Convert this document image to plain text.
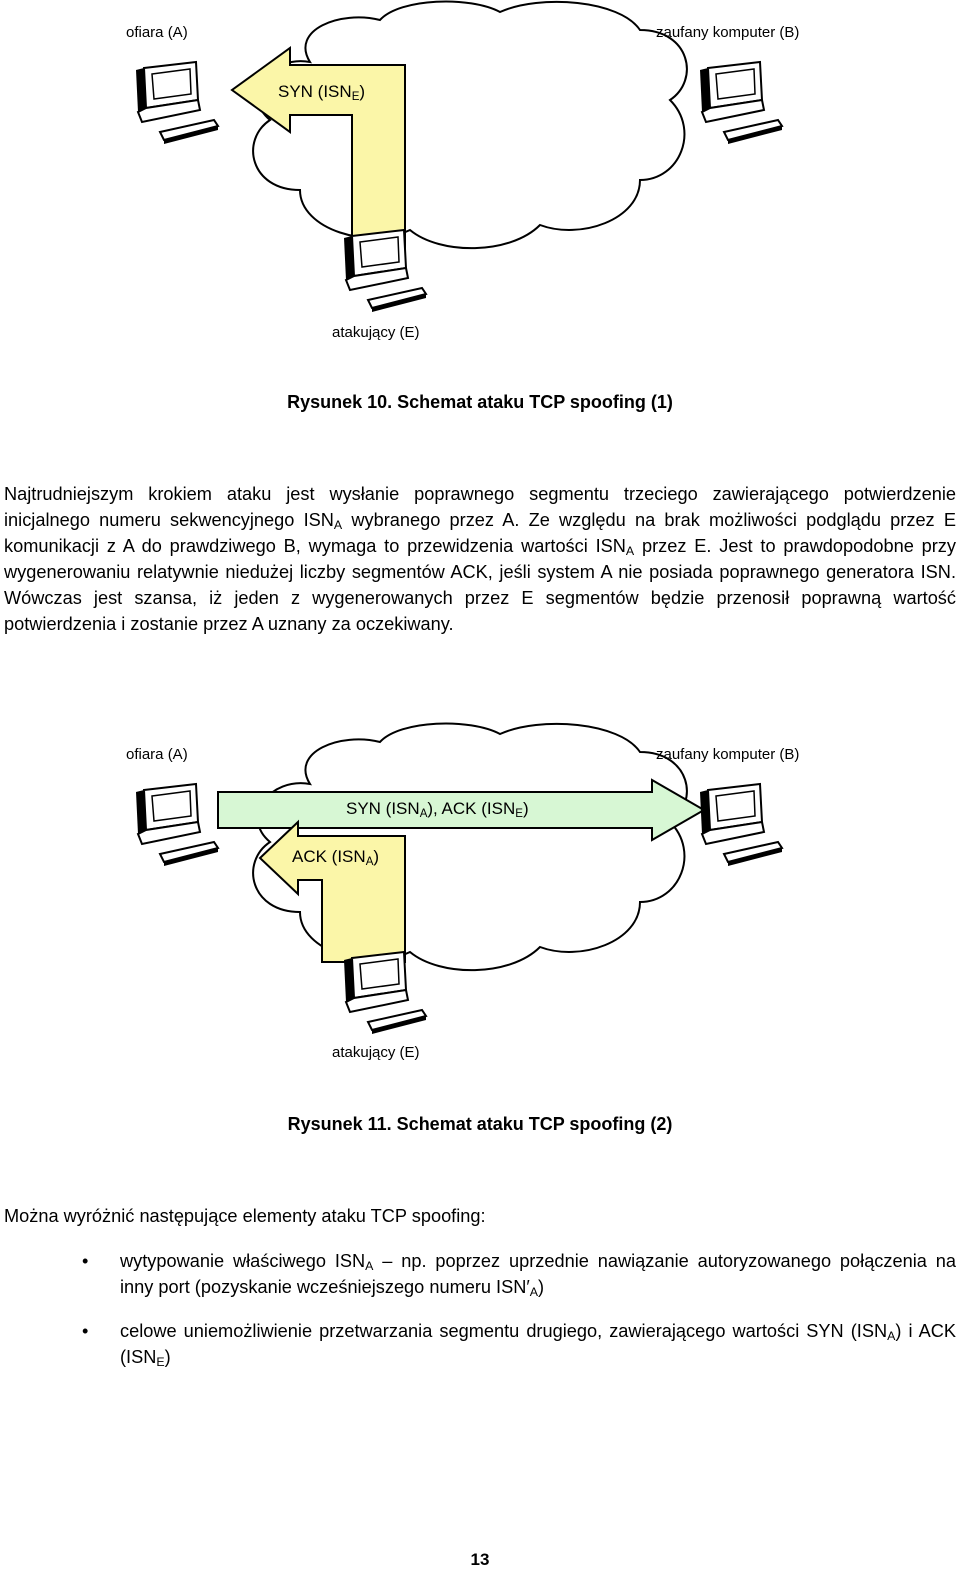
ofiara (A)	zaufany komputer (B)
atakujący (E)
SYN $(ISN_E)$
Rysunek 10. Schemat ataku TCP spoofing (1)
Najtrudniejszym krokiem ataku jest wysłanie poprawnego segmentu trzeciego zawierającego potwierdzenie inicjalnego numeru sekwencyjnego $ISN_A$ wybranego przez A. Ze względu na brak możliwości podglądu przez E komunikacji z A do prawdziwego B, wymaga to przewidzenia wartości $ISN_A$ przez E. Jest to prawdopodobne przy wygenerowaniu relatywnie niedużej liczby segmentów ACK, jeśli system A nie posiada poprawnego generatora ISN. Wówczas jest szansa, iż jeden z wygenerowanych przez E segmentów będzie przenosił poprawną wartość potwierdzenia i zostanie przez A uznany za oczekiwany.
ofiara (A)	zaufany komputer (B)
atakujący (E)
SYN $(ISN_A)$, ACK $(ISN_E)$
ACK $(ISN_A)$
Rysunek 11. Schemat ataku TCP spoofing (2)
Można wyróżnić następujące elementy ataku TCP spoofing:
•	wytypowanie właściwego $ISN_A$ – np. poprzez uprzednie nawiązanie autoryzowanego połączenia na inny port (pozyskanie wcześniejszego numeru $ISN'_A$)
•	celowe uniemożliwienie przetwarzania segmentu drugiego, zawierającego wartości SYN $(ISN_A)$ i ACK $(ISN_E)$
13
